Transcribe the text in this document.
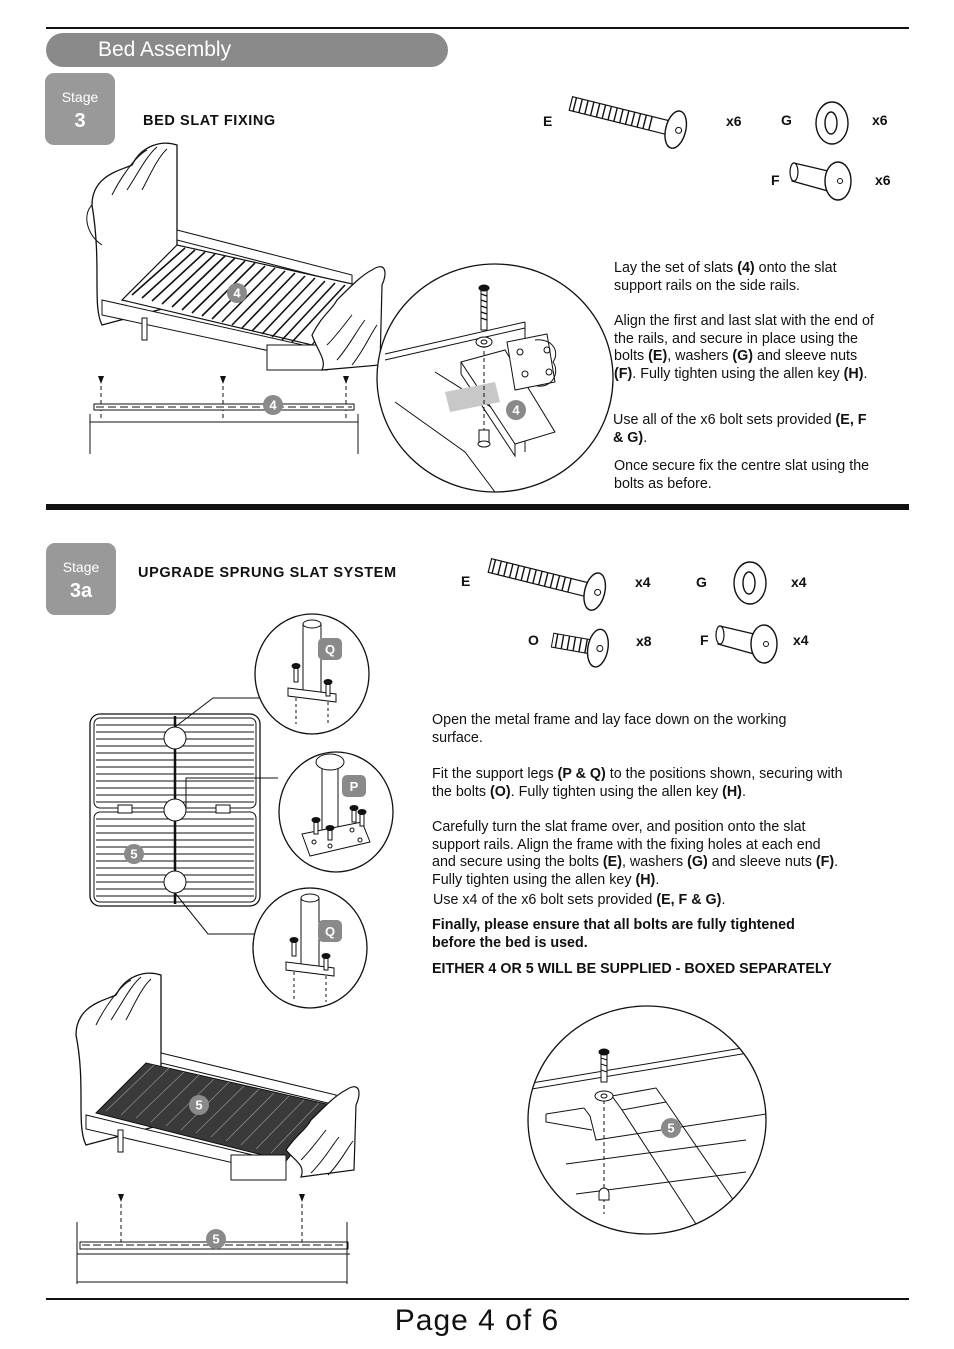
Bed Assembly
Stage
3	BED SLAT FIXING	E	x6	G	x6
F	x6
4
4	4
Lay the set of slats (4) onto the slat support rails on the side rails.
Align the first and last slat with the end of the rails, and secure in place using the bolts (E), washers (G) and sleeve nuts (F). Fully tighten using the allen key (H).
Use all of the x6 bolt sets provided (E, F & G).
Once secure fix the centre slat using the bolts as before.
Stage
3a
UPGRADE SPRUNG SLAT SYSTEM	E	x4	G	x4
O	x8	F	x4
5
Q
P
Q
5
5
5
Open the metal frame and lay face down on the working surface.
Fit the support legs (P & Q) to the positions shown, securing with the bolts (O). Fully tighten using the allen key (H).
Carefully turn the slat frame over, and position onto the slat support rails. Align the frame with the fixing holes at each end and secure using the bolts (E), washers (G) and sleeve nuts (F). Fully tighten using the allen key (H).
Use x4 of the x6 bolt sets provided (E, F & G).
Finally, please ensure that all bolts are fully tightened before the bed is used.
EITHER 4 OR 5 WILL BE SUPPLIED - BOXED SEPARATELY
Page 4 of 6
